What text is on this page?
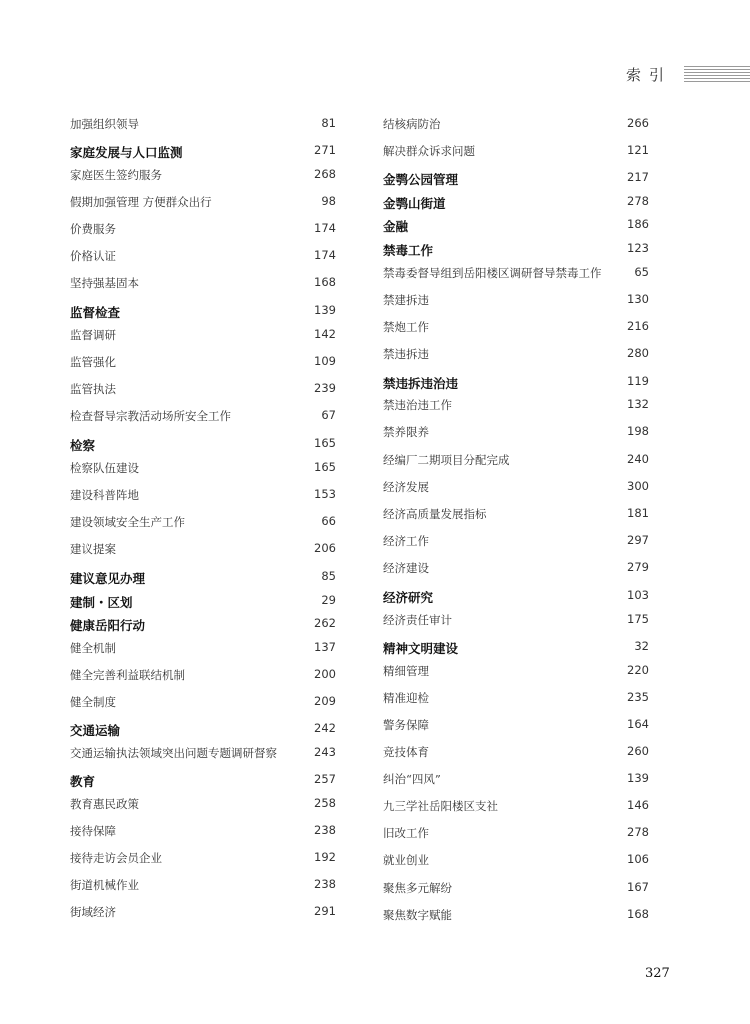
索引
加强组织领导	81
家庭发展与人口监测	271
家庭医生签约服务	268
假期加强管理 方便群众出行	98
价费服务	174
价格认证	174
坚持强基固本	168
监督检查	139
监督调研	142
监管强化	109
监管执法	239
检查督导宗教活动场所安全工作	67
检察	165
检察队伍建设	165
建设科普阵地	153
建设领域安全生产工作	66
建议提案	206
建议意见办理	85
建制・区划	29
健康岳阳行动	262
健全机制	137
健全完善利益联结机制	200
健全制度	209
交通运输	242
交通运输执法领域突出问题专题调研督察	243
教育	257
教育惠民政策	258
接待保障	238
接待走访会员企业	192
街道机械作业	238
街域经济	291
结核病防治	266
解决群众诉求问题	121
金鹗公园管理	217
金鹗山街道	278
金融	186
禁毒工作	123
禁毒委督导组到岳阳楼区调研督导禁毒工作	65
禁建拆违	130
禁炮工作	216
禁违拆违	280
禁违拆违治违	119
禁违治违工作	132
禁养限养	198
经编厂二期项目分配完成	240
经济发展	300
经济高质量发展指标	181
经济工作	297
经济建设	279
经济研究	103
经济责任审计	175
精神文明建设	32
精细管理	220
精准迎检	235
警务保障	164
竞技体育	260
纠治“四风”	139
九三学社岳阳楼区支社	146
旧改工作	278
就业创业	106
聚焦多元解纷	167
聚焦数字赋能	168
327
